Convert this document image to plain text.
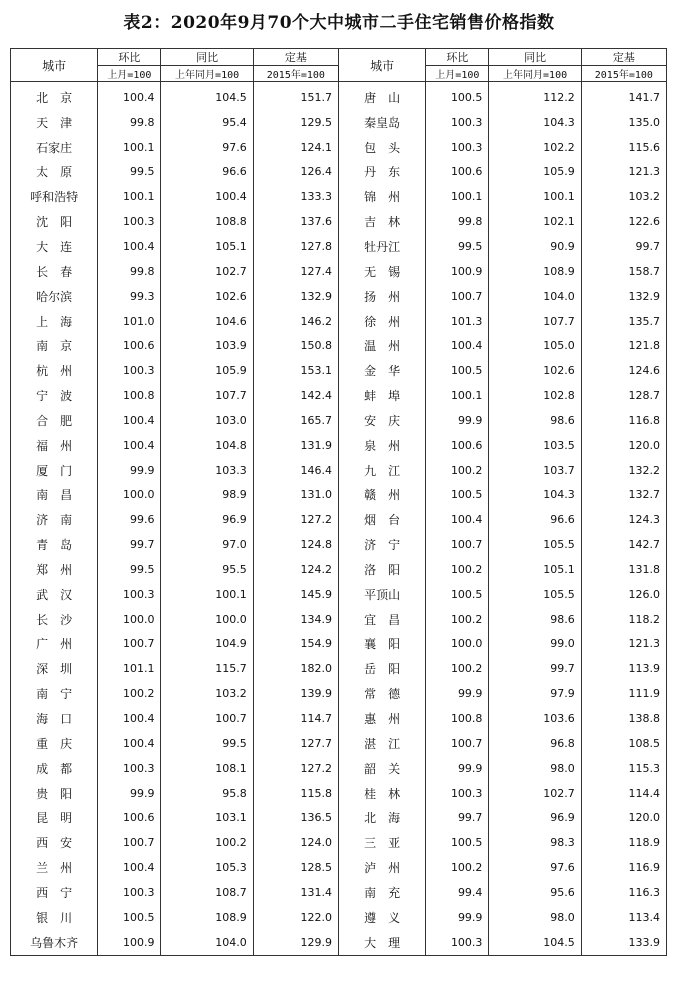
表2：2020年9月70个大中城市二手住宅销售价格指数
城市	环比	同比	定基	城市	环比	同比	定基
	上月=100	上年同月=100	2015年=100		上月=100	上年同月=100	2015年=100
北　京	100.4	104.5	151.7	唐　山	100.5	112.2	141.7
天　津	99.8	95.4	129.5	秦皇岛	100.3	104.3	135.0
石家庄	100.1	97.6	124.1	包　头	100.3	102.2	115.6
太　原	99.5	96.6	126.4	丹　东	100.6	105.9	121.3
呼和浩特	100.1	100.4	133.3	锦　州	100.1	100.1	103.2
沈　阳	100.3	108.8	137.6	吉　林	99.8	102.1	122.6
大　连	100.4	105.1	127.8	牡丹江	99.5	90.9	99.7
长　春	99.8	102.7	127.4	无　锡	100.9	108.9	158.7
哈尔滨	99.3	102.6	132.9	扬　州	100.7	104.0	132.9
上　海	101.0	104.6	146.2	徐　州	101.3	107.7	135.7
南　京	100.6	103.9	150.8	温　州	100.4	105.0	121.8
杭　州	100.3	105.9	153.1	金　华	100.5	102.6	124.6
宁　波	100.8	107.7	142.4	蚌　埠	100.1	102.8	128.7
合　肥	100.4	103.0	165.7	安　庆	99.9	98.6	116.8
福　州	100.4	104.8	131.9	泉　州	100.6	103.5	120.0
厦　门	99.9	103.3	146.4	九　江	100.2	103.7	132.2
南　昌	100.0	98.9	131.0	赣　州	100.5	104.3	132.7
济　南	99.6	96.9	127.2	烟　台	100.4	96.6	124.3
青　岛	99.7	97.0	124.8	济　宁	100.7	105.5	142.7
郑　州	99.5	95.5	124.2	洛　阳	100.2	105.1	131.8
武　汉	100.3	100.1	145.9	平顶山	100.5	105.5	126.0
长　沙	100.0	100.0	134.9	宜　昌	100.2	98.6	118.2
广　州	100.7	104.9	154.9	襄　阳	100.0	99.0	121.3
深　圳	101.1	115.7	182.0	岳　阳	100.2	99.7	113.9
南　宁	100.2	103.2	139.9	常　德	99.9	97.9	111.9
海　口	100.4	100.7	114.7	惠　州	100.8	103.6	138.8
重　庆	100.4	99.5	127.7	湛　江	100.7	96.8	108.5
成　都	100.3	108.1	127.2	韶　关	99.9	98.0	115.3
贵　阳	99.9	95.8	115.8	桂　林	100.3	102.7	114.4
昆　明	100.6	103.1	136.5	北　海	99.7	96.9	120.0
西　安	100.7	100.2	124.0	三　亚	100.5	98.3	118.9
兰　州	100.4	105.3	128.5	泸　州	100.2	97.6	116.9
西　宁	100.3	108.7	131.4	南　充	99.4	95.6	116.3
银　川	100.5	108.9	122.0	遵　义	99.9	98.0	113.4
乌鲁木齐	100.9	104.0	129.9	大　理	100.3	104.5	133.9
